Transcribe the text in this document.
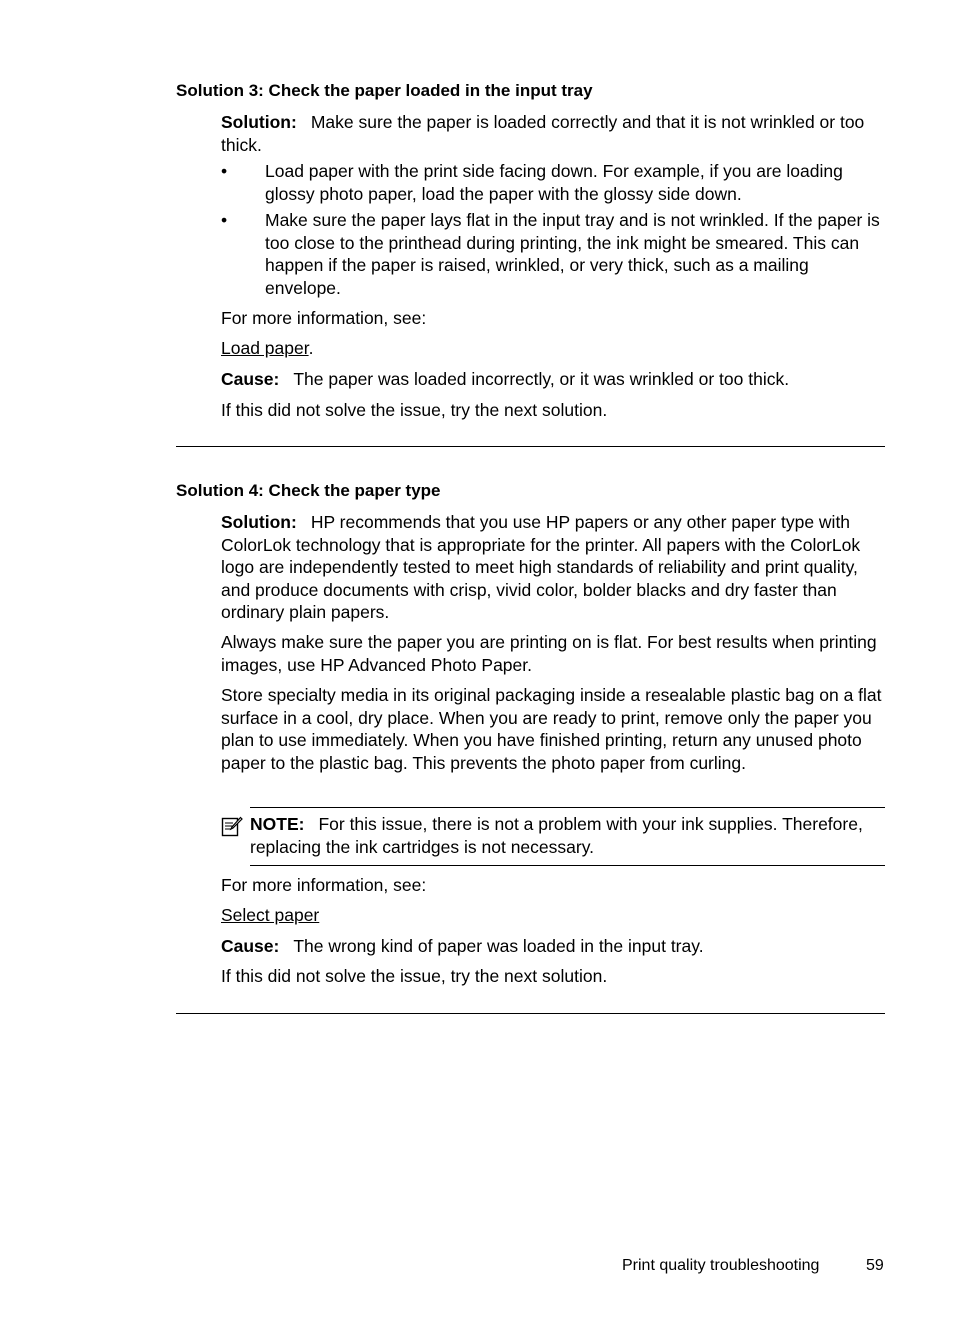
Solution 3: Check the paper loaded in the input tray

Solution: Make sure the paper is loaded correctly and that it is not wrinkled or too thick.

• Load paper with the print side facing down. For example, if you are loading glossy photo paper, load the paper with the glossy side down.
• Make sure the paper lays flat in the input tray and is not wrinkled. If the paper is too close to the printhead during printing, the ink might be smeared. This can happen if the paper is raised, wrinkled, or very thick, such as a mailing envelope.
For more information, see:
Load paper.
Cause: The paper was loaded incorrectly, or it was wrinkled or too thick.
If this did not solve the issue, try the next solution.
Solution 4: Check the paper type

Solution: HP recommends that you use HP papers or any other paper type with ColorLok technology that is appropriate for the printer. All papers with the ColorLok logo are independently tested to meet high standards of reliability and print quality, and produce documents with crisp, vivid color, bolder blacks and dry faster than ordinary plain papers.

Always make sure the paper you are printing on is flat. For best results when printing images, use HP Advanced Photo Paper.
Store specialty media in its original packaging inside a resealable plastic bag on a flat surface in a cool, dry place. When you are ready to print, remove only the paper you plan to use immediately. When you have finished printing, return any unused photo paper to the plastic bag. This prevents the photo paper from curling.
NOTE: For this issue, there is not a problem with your ink supplies. Therefore, replacing the ink cartridges is not necessary.
For more information, see:
Select paper
Cause: The wrong kind of paper was loaded in the input tray.
If this did not solve the issue, try the next solution.
Print quality troubleshooting	59
